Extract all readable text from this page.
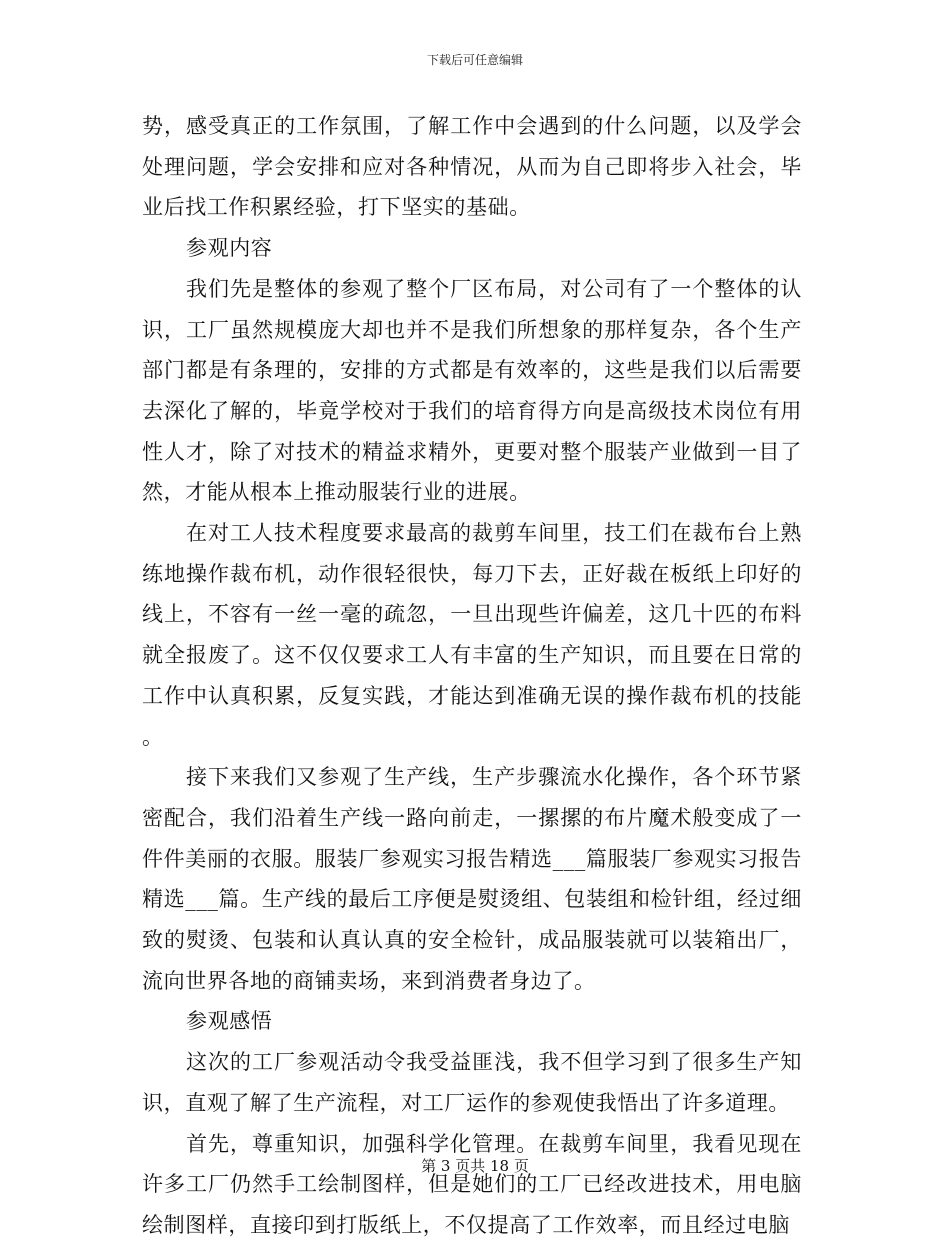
下载后可任意编辑

势，感受真正的工作氛围，了解工作中会遇到的什么问题，以及学会处理问题，学会安排和应对各种情况，从而为自己即将步入社会，毕业后找工作积累经验，打下坚实的基础。

参观内容

我们先是整体的参观了整个厂区布局，对公司有了一个整体的认识，工厂虽然规模庞大却也并不是我们所想象的那样复杂，各个生产部门都是有条理的，安排的方式都是有效率的，这些是我们以后需要去深化了解的，毕竟学校对于我们的培育得方向是高级技术岗位有用性人才，除了对技术的精益求精外，更要对整个服装产业做到一目了然，才能从根本上推动服装行业的进展。

在对工人技术程度要求最高的裁剪车间里，技工们在裁布台上熟练地操作裁布机，动作很轻很快，每刀下去，正好裁在板纸上印好的线上，不容有一丝一毫的疏忽，一旦出现些许偏差，这几十匹的布料就全报废了。这不仅仅要求工人有丰富的生产知识，而且要在日常的工作中认真积累，反复实践，才能达到准确无误的操作裁布机的技能。

接下来我们又参观了生产线，生产步骤流水化操作，各个环节紧密配合，我们沿着生产线一路向前走，一摞摞的布片魔术般变成了一件件美丽的衣服。服装厂参观实习报告精选___篇服装厂参观实习报告精选___篇。生产线的最后工序便是熨烫组、包装组和检针组，经过细致的熨烫、包装和认真认真的安全检针，成品服装就可以装箱出厂，流向世界各地的商铺卖场，来到消费者身边了。

参观感悟

这次的工厂参观活动令我受益匪浅，我不但学习到了很多生产知识，直观了解了生产流程，对工厂运作的参观使我悟出了许多道理。

首先，尊重知识，加强科学化管理。在裁剪车间里，我看见现在许多工厂仍然手工绘制图样，但是她们的工厂已经改进技术，用电脑绘制图样，直接印到打版纸上，不仅提高了工作效率，而且经过电脑

第 3 页共 18 页
